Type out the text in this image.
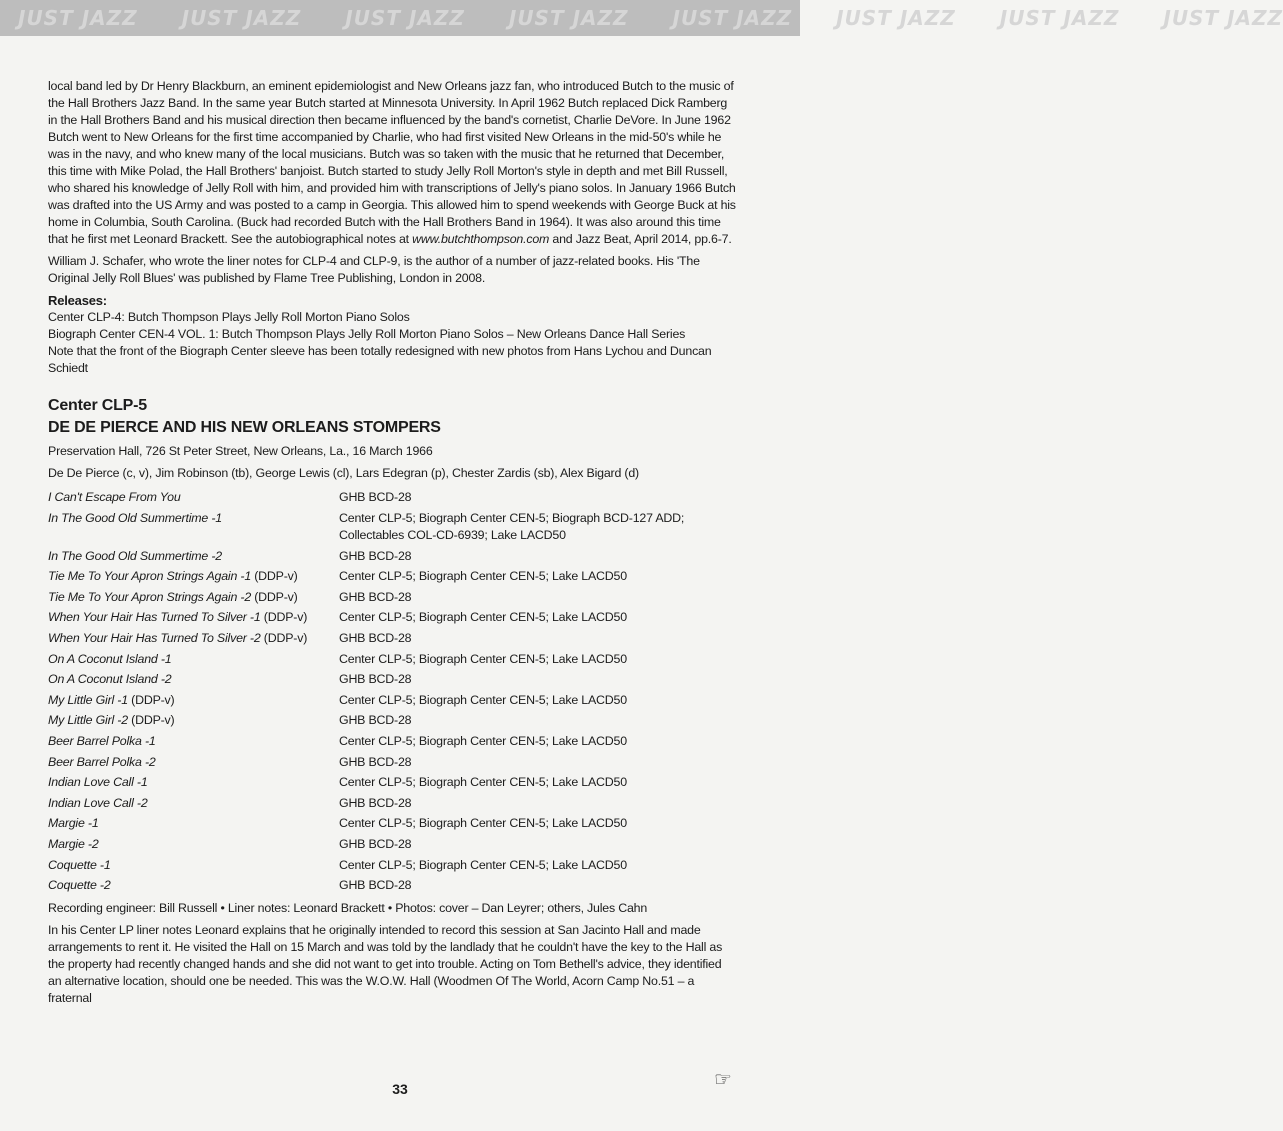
JUST JAZZ JUST JAZZ JUST JAZZ JUST JAZZ JUST JAZZ JUST JAZZ JUST JAZZ JUST JAZZ

local band led by Dr Henry Blackburn, an eminent epidemiologist and New Orleans jazz fan, who introduced Butch to the music of the Hall Brothers Jazz Band. In the same year Butch started at Minnesota University. In April 1962 Butch replaced Dick Ramberg in the Hall Brothers Band and his musical direction then became influenced by the band's cornetist, Charlie DeVore. In June 1962 Butch went to New Orleans for the first time accompanied by Charlie, who had first visited New Orleans in the mid-50's while he was in the navy, and who knew many of the local musicians. Butch was so taken with the music that he returned that December, this time with Mike Polad, the Hall Brothers' banjoist. Butch started to study Jelly Roll Morton's style in depth and met Bill Russell, who shared his knowledge of Jelly Roll with him, and provided him with transcriptions of Jelly's piano solos. In January 1966 Butch was drafted into the US Army and was posted to a camp in Georgia. This allowed him to spend weekends with George Buck at his home in Columbia, South Carolina. (Buck had recorded Butch with the Hall Brothers Band in 1964). It was also around this time that he first met Leonard Brackett. See the autobiographical notes at www.butchthompson.com and Jazz Beat, April 2014, pp.6-7.

William J. Schafer, who wrote the liner notes for CLP-4 and CLP-9, is the author of a number of jazz-related books. His 'The Original Jelly Roll Blues' was published by Flame Tree Publishing, London in 2008.

Releases:
Center CLP-4: Butch Thompson Plays Jelly Roll Morton Piano Solos
Biograph Center CEN-4 VOL. 1: Butch Thompson Plays Jelly Roll Morton Piano Solos – New Orleans Dance Hall Series

Note that the front of the Biograph Center sleeve has been totally redesigned with new photos from Hans Lychou and Duncan Schiedt

Center CLP-5
DE DE PIERCE AND HIS NEW ORLEANS STOMPERS

Preservation Hall, 726 St Peter Street, New Orleans, La., 16 March 1966

De De Pierce (c, v), Jim Robinson (tb), George Lewis (cl), Lars Edegran (p), Chester Zardis (sb), Alex Bigard (d)

I Can't Escape From You	GHB BCD-28
In The Good Old Summertime -1	Center CLP-5; Biograph Center CEN-5; Biograph BCD-127 ADD; Collectables COL-CD-6939; Lake LACD50
In The Good Old Summertime -2	GHB BCD-28
Tie Me To Your Apron Strings Again -1 (DDP-v)	Center CLP-5; Biograph Center CEN-5; Lake LACD50
Tie Me To Your Apron Strings Again -2 (DDP-v)	GHB BCD-28
When Your Hair Has Turned To Silver -1 (DDP-v)	Center CLP-5; Biograph Center CEN-5; Lake LACD50
When Your Hair Has Turned To Silver -2 (DDP-v)	GHB BCD-28
On A Coconut Island -1	Center CLP-5; Biograph Center CEN-5; Lake LACD50
On A Coconut Island -2	GHB BCD-28
My Little Girl -1 (DDP-v)	Center CLP-5; Biograph Center CEN-5; Lake LACD50
My Little Girl -2 (DDP-v)	GHB BCD-28
Beer Barrel Polka -1	Center CLP-5; Biograph Center CEN-5; Lake LACD50
Beer Barrel Polka -2	GHB BCD-28
Indian Love Call -1	Center CLP-5; Biograph Center CEN-5; Lake LACD50
Indian Love Call -2	GHB BCD-28
Margie -1	Center CLP-5; Biograph Center CEN-5; Lake LACD50
Margie -2	GHB BCD-28
Coquette -1	Center CLP-5; Biograph Center CEN-5; Lake LACD50
Coquette -2	GHB BCD-28

Recording engineer: Bill Russell • Liner notes: Leonard Brackett • Photos: cover – Dan Leyrer; others, Jules Cahn

In his Center LP liner notes Leonard explains that he originally intended to record this session at San Jacinto Hall and made arrangements to rent it. He visited the Hall on 15 March and was told by the landlady that he couldn't have the key to the Hall as the property had recently changed hands and she did not want to get into trouble. Acting on Tom Bethell's advice, they identified an alternative location, should one be needed. This was the W.O.W. Hall (Woodmen Of The World, Acorn Camp No.51 – a fraternal

☞
33
